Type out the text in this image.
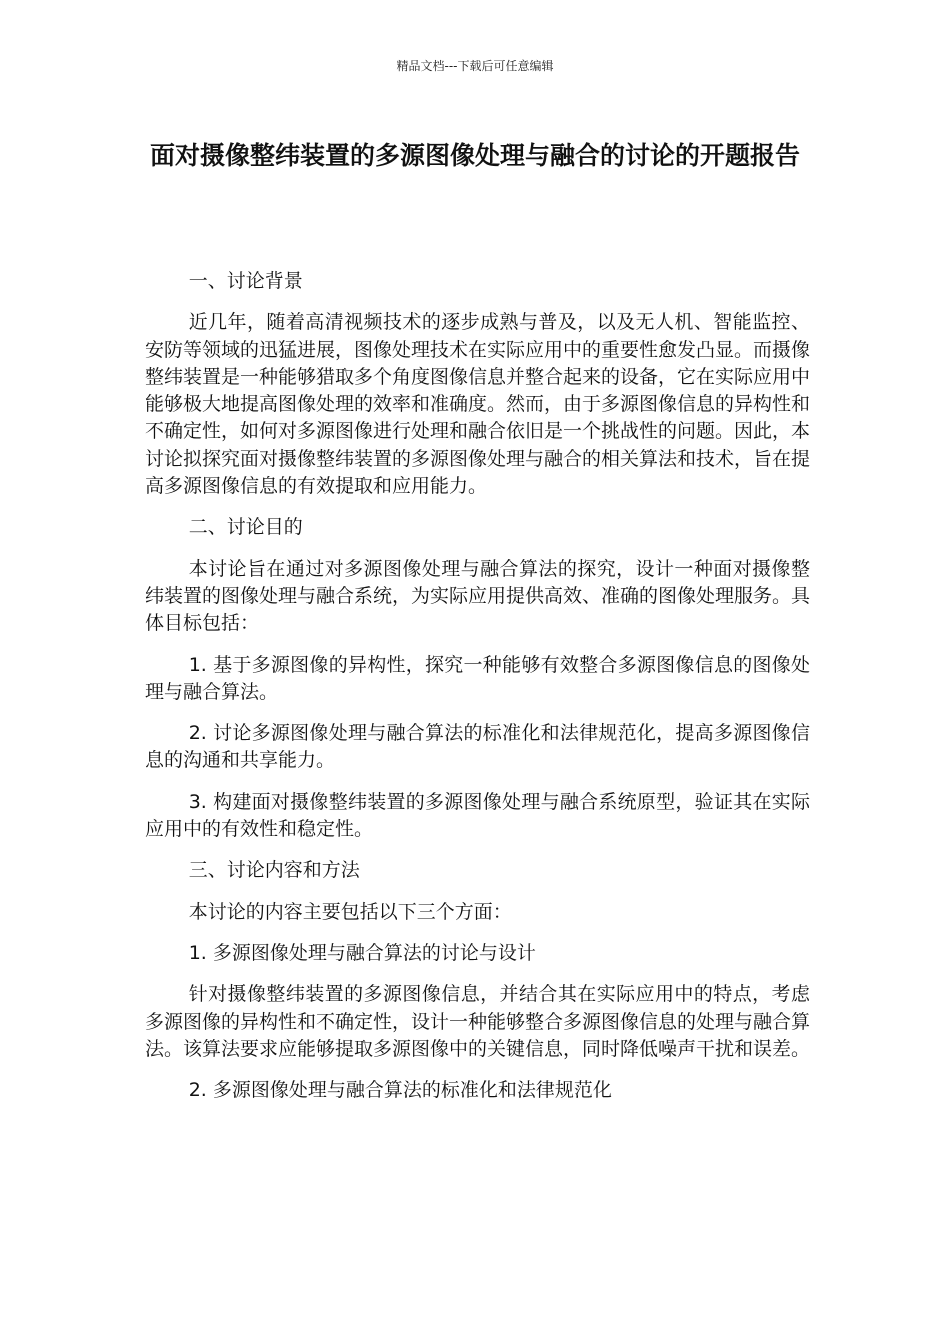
精品文档---下载后可任意编辑
面对摄像整纬装置的多源图像处理与融合的讨论的开题报告

一、讨论背景

近几年，随着高清视频技术的逐步成熟与普及，以及无人机、智能监控、安防等领域的迅猛进展，图像处理技术在实际应用中的重要性愈发凸显。而摄像整纬装置是一种能够猎取多个角度图像信息并整合起来的设备，它在实际应用中能够极大地提高图像处理的效率和准确度。然而，由于多源图像信息的异构性和不确定性，如何对多源图像进行处理和融合依旧是一个挑战性的问题。因此，本讨论拟探究面对摄像整纬装置的多源图像处理与融合的相关算法和技术，旨在提高多源图像信息的有效提取和应用能力。

二、讨论目的

本讨论旨在通过对多源图像处理与融合算法的探究，设计一种面对摄像整纬装置的图像处理与融合系统，为实际应用提供高效、准确的图像处理服务。具体目标包括：

1. 基于多源图像的异构性，探究一种能够有效整合多源图像信息的图像处理与融合算法。

2. 讨论多源图像处理与融合算法的标准化和法律规范化，提高多源图像信息的沟通和共享能力。

3. 构建面对摄像整纬装置的多源图像处理与融合系统原型，验证其在实际应用中的有效性和稳定性。

三、讨论内容和方法

本讨论的内容主要包括以下三个方面：

1. 多源图像处理与融合算法的讨论与设计

针对摄像整纬装置的多源图像信息，并结合其在实际应用中的特点，考虑多源图像的异构性和不确定性，设计一种能够整合多源图像信息的处理与融合算法。该算法要求应能够提取多源图像中的关键信息，同时降低噪声干扰和误差。

2. 多源图像处理与融合算法的标准化和法律规范化
